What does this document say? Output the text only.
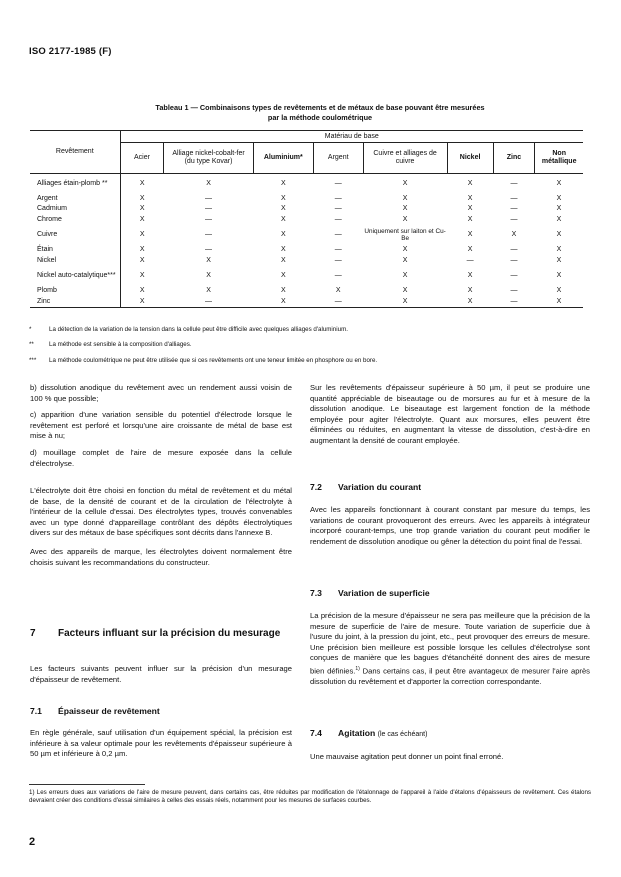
ISO 2177-1985 (F)
Tableau 1 — Combinaisons types de revêtements et de métaux de base pouvant être mesurées
par la méthode coulométrique
Revêtement	Matériau de base							
	Acier	Alliage nickel-cobalt-fer (du type Kovar)	Aluminium*	Argent	Cuivre et alliages de cuivre	Nickel	Zinc	Non métallique
Alliages étain-plomb **	X	X	X	—	X	X	—	X
Argent	X	—	X	—	X	X	—	X
Cadmium	X	—	X	—	X	X	—	X
Chrome	X	—	X	—	X	X	—	X
Cuivre	X	—	X	—	Uniquement sur laiton et Cu-Be	X	X	X
Étain	X	—	X	—	X	X	—	X
Nickel	X	X	X	—	X	—	—	X
Nickel auto-catalytique***	X	X	X	—	X	X	—	X
Plomb	X	X	X	X	X	X	—	X
Zinc	X	—	X	—	X	X	—	X
*	La détection de la variation de la tension dans la cellule peut être difficile avec quelques alliages d'aluminium.
** La méthode est sensible à la composition d'alliages.
*** La méthode coulométrique ne peut être utilisée que si ces revêtements ont une teneur limitée en phosphore ou en bore.

b) dissolution anodique du revêtement avec un rendement aussi voisin de 100 % que possible;

c) apparition d'une variation sensible du potentiel d'électrode lorsque le revêtement est perforé et lorsqu'une aire croissante de métal de base est mise à nu;

d) mouillage complet de l'aire de mesure exposée dans la cellule d'électrolyse.

L'électrolyte doit être choisi en fonction du métal de revêtement et du métal de base, de la densité de courant et de la circulation de l'électrolyte à l'intérieur de la cellule d'essai. Des électrolytes types, trouvés convenables avec un type donné d'appareillage contrôlant des dépôts électrolytiques divers sur des métaux de base spécifiques sont décrits dans l'annexe B.

Avec des appareils de marque, les électrolytes doivent normalement être choisis suivant les recommandations du constructeur.

7 Facteurs influant sur la précision du mesurage

Les facteurs suivants peuvent influer sur la précision d'un mesurage d'épaisseur de revêtement.

7.1 Épaisseur de revêtement

En règle générale, sauf utilisation d'un équipement spécial, la précision est inférieure à sa valeur optimale pour les revêtements d'épaisseur supérieure à 50 µm et inférieure à 0,2 µm.

Sur les revêtements d'épaisseur supérieure à 50 µm, il peut se produire une quantité appréciable de biseautage ou de morsures au fur et à mesure de la dissolution anodique. Le biseautage est largement fonction de la méthode employée pour agiter l'électrolyte. Quant aux morsures, elles peuvent être éliminées ou réduites, en augmentant la vitesse de dissolution, c'est-à-dire en augmentant la densité de courant employée.

7.2 Variation du courant

Avec les appareils fonctionnant à courant constant par mesure du temps, les variations de courant provoqueront des erreurs. Avec les appareils à intégrateur incorporé courant-temps, une trop grande variation du courant peut modifier le rendement de dissolution anodique ou gêner la détection du point final de l'essai.

7.3 Variation de superficie

La précision de la mesure d'épaisseur ne sera pas meilleure que la précision de la mesure de superficie de l'aire de mesure. Toute variation de superficie due à l'usure du joint, à la pression du joint, etc., peut provoquer des erreurs de mesure. Une précision bien meilleure est possible lorsque les cellules d'électrolyse sont conçues de manière que les bagues d'étanchéité donnent des aires de mesure bien définies.$^{1)}$ Dans certains cas, il peut être avantageux de mesurer l'aire après dissolution du revêtement et d'apporter la correction correspondante.

7.4 Agitation (le cas échéant)

Une mauvaise agitation peut donner un point final erroné.

1) Les erreurs dues aux variations de l'aire de mesure peuvent, dans certains cas, être réduites par modification de l'étalonnage de l'appareil à l'aide d'étalons d'épaisseurs de revêtement. Ces étalons devraient créer des conditions d'essai similaires à celles des essais réels, notamment pour les mesures de surfaces courbes.
2
